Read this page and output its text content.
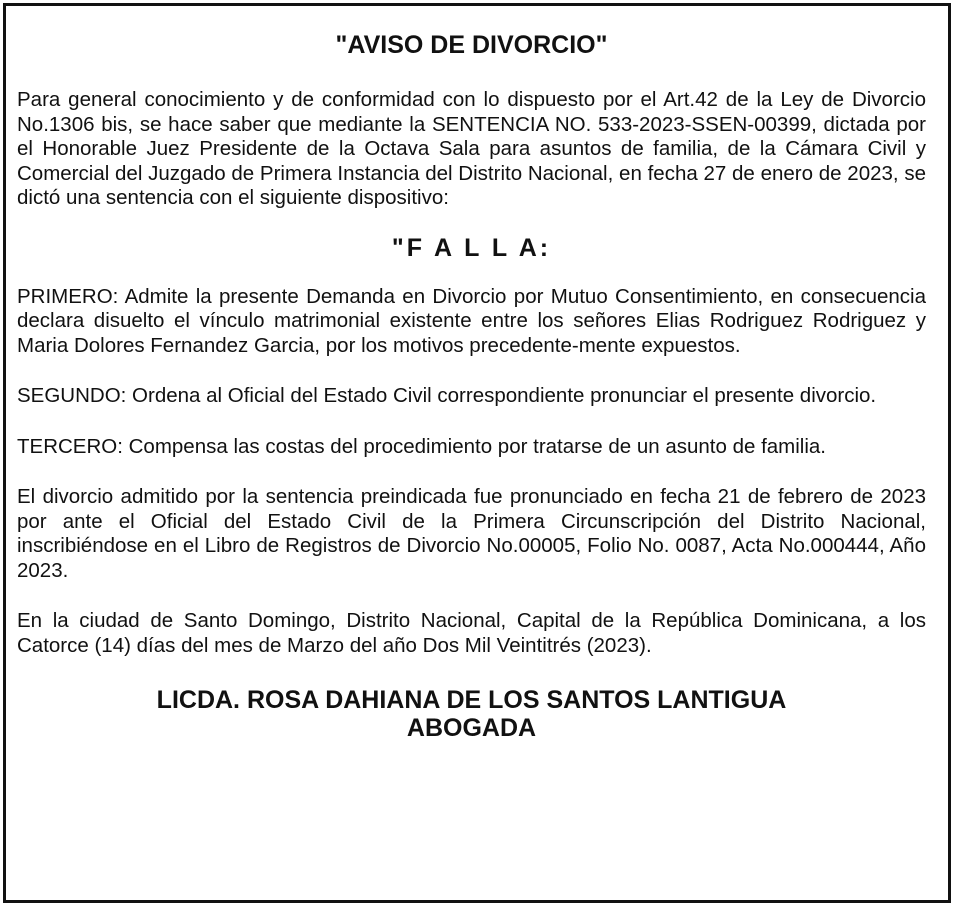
"AVISO DE DIVORCIO"

Para general conocimiento y de conformidad con lo dispuesto por el Art.42 de la Ley de Divorcio No.1306 bis, se hace saber que mediante la SENTENCIA NO. 533-2023-SSEN-00399, dictada por el Honorable Juez Presidente de la Octava Sala para asuntos de familia, de la Cámara Civil y Comercial del Juzgado de Primera Instancia del Distrito Nacional, en fecha 27 de enero de 2023, se dictó una sentencia con el siguiente dispositivo:

"F A L L A:

PRIMERO: Admite la presente Demanda en Divorcio por Mutuo Consentimiento, en consecuencia declara disuelto el vínculo matrimonial existente entre los señores Elias Rodriguez Rodriguez y Maria Dolores Fernandez Garcia, por los motivos precedente-mente expuestos.

SEGUNDO: Ordena al Oficial del Estado Civil correspondiente pronunciar el presente divorcio.

TERCERO: Compensa las costas del procedimiento por tratarse de un asunto de familia.

El divorcio admitido por la sentencia preindicada fue pronunciado en fecha 21 de febrero de 2023 por ante el Oficial del Estado Civil de la Primera Circunscripción del Distrito Nacional, inscribiéndose en el Libro de Registros de Divorcio No.00005, Folio No. 0087, Acta No.000444, Año 2023.

En la ciudad de Santo Domingo, Distrito Nacional, Capital de la República Dominicana, a los Catorce (14) días del mes de Marzo del año Dos Mil Veintitrés (2023).

LICDA. ROSA DAHIANA DE LOS SANTOS LANTIGUA
ABOGADA
